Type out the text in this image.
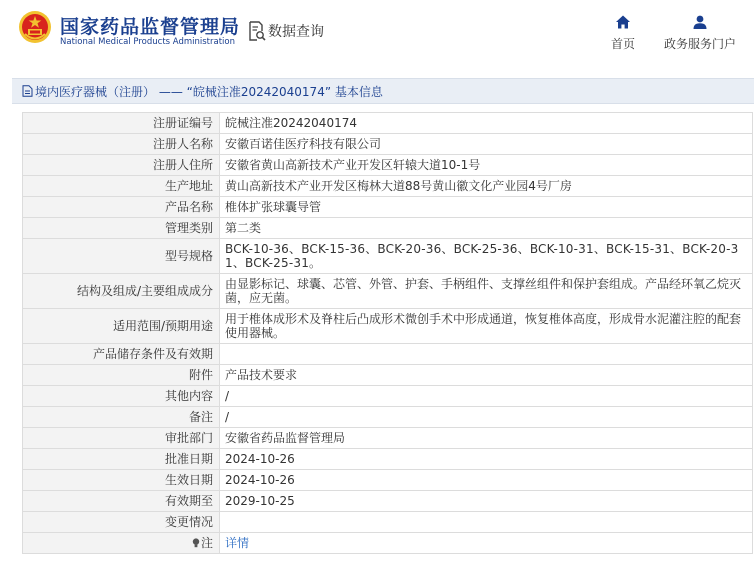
国家药品监督管理局
National Medical Products Administration
数据查询
首页 政务服务门户
境内医疗器械（注册） —— “皖械注准20242040174” 基本信息
注册证编号	皖械注准20242040174
注册人名称	安徽百诺佳医疗科技有限公司
注册人住所	安徽省黄山高新技术产业开发区轩辕大道10-1号
生产地址	黄山高新技术产业开发区梅林大道88号黄山徽文化产业园4号厂房
产品名称	椎体扩张球囊导管
管理类别	第二类
型号规格	BCK-10-36、BCK-15-36、BCK-20-36、BCK-25-36、BCK-10-31、BCK-15-31、BCK-20-31、BCK-25-31。
结构及组成/主要组成成分	由显影标记、球囊、芯管、外管、护套、手柄组件、支撑丝组件和保护套组成。产品经环氧乙烷灭菌，应无菌。
适用范围/预期用途	用于椎体成形术及脊柱后凸成形术微创手术中形成通道，恢复椎体高度，形成骨水泥灌注腔的配套使用器械。
产品储存条件及有效期	
附件	产品技术要求
其他内容	/
备注	/
审批部门	安徽省药品监督管理局
批准日期	2024-10-26
生效日期	2024-10-26
有效期至	2029-10-25
变更情况	
注	详情
